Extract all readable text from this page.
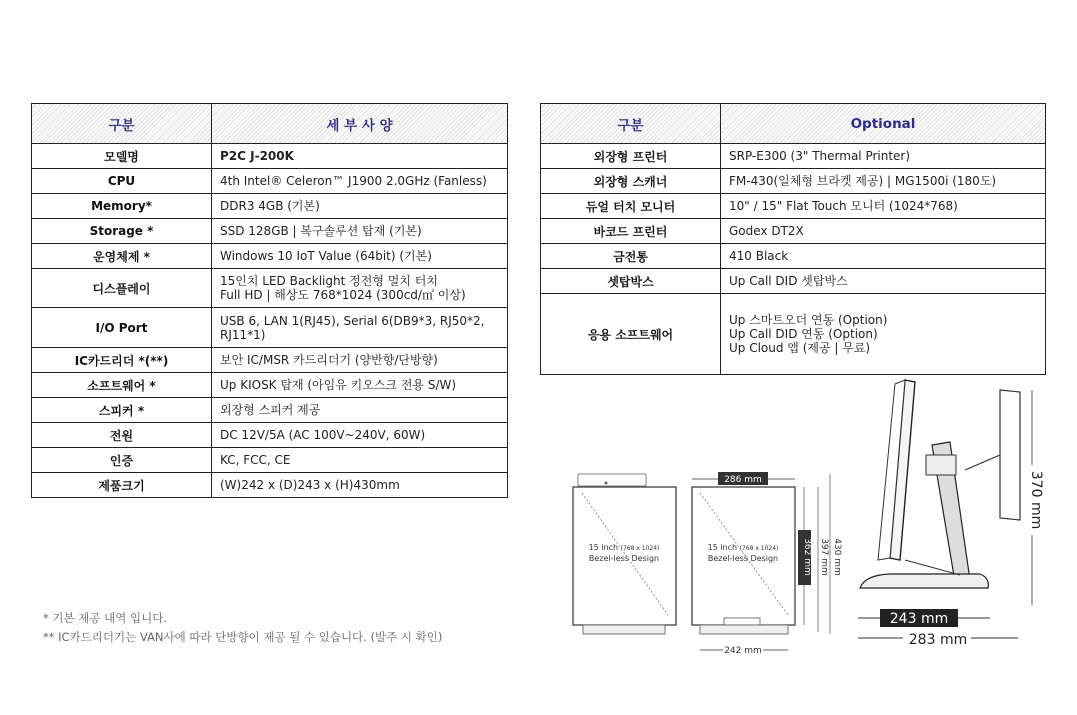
구분	세 부 사 양
모델명	P2C J-200K
CPU	4th Intel® Celeron™ J1900 2.0GHz (Fanless)
Memory*	DDR3 4GB (기본)
Storage *	SSD 128GB | 복구솔루션 탑재 (기본)
운영체제 *	Windows 10 IoT Value (64bit) (기본)
디스플레이	15인치 LED Backlight 정전형 멀치 터치
Full HD | 해상도 768*1024 (300cd/㎡ 이상)

I/O Port	USB 6, LAN 1(RJ45), Serial 6(DB9*3, RJ50*2,
RJ11*1)

IC카드리더 *(**)	보안 IC/MSR 카드리더기 (양반향/단방향)
소프트웨어 *	Up KIOSK 탑재 (아임유 키오스크 전용 S/W)
스피커 *	외장형 스피커 제공
전원	DC 12V/5A (AC 100V~240V, 60W)
인증	KC, FCC, CE
제품크기	(W)242 x (D)243 x (H)430mm
구분	Optional
외장형 프린터	SRP-E300 (3" Thermal Printer)
외장형 스캐너	FM-430(일체형 브라켓 제공) | MG1500i (180도)
듀얼 터치 모니터	10" / 15" Flat Touch 모니터 (1024*768)
바코드 프린터	Godex DT2X
금전통	410 Black
셋탑박스	Up Call DID 셋탑박스
응용 소프트웨어	Up 스마트오더 연동 (Option)
Up Call DID 연동 (Option)
Up Cloud 앱 (제공 | 무료)
* 기본 제공 내역 입니다.
** IC카드리더기는 VAN사에 따라 단방향이 제공 될 수 있습니다. (발주 시 확인)
15 inch (768 x 1024)
Bezel-less Design
15 inch (768 x 1024)
Bezel-less Design
286 mm
362 mm 397 mm 430 mm
242 mm
370 mm
243 mm
283 mm
